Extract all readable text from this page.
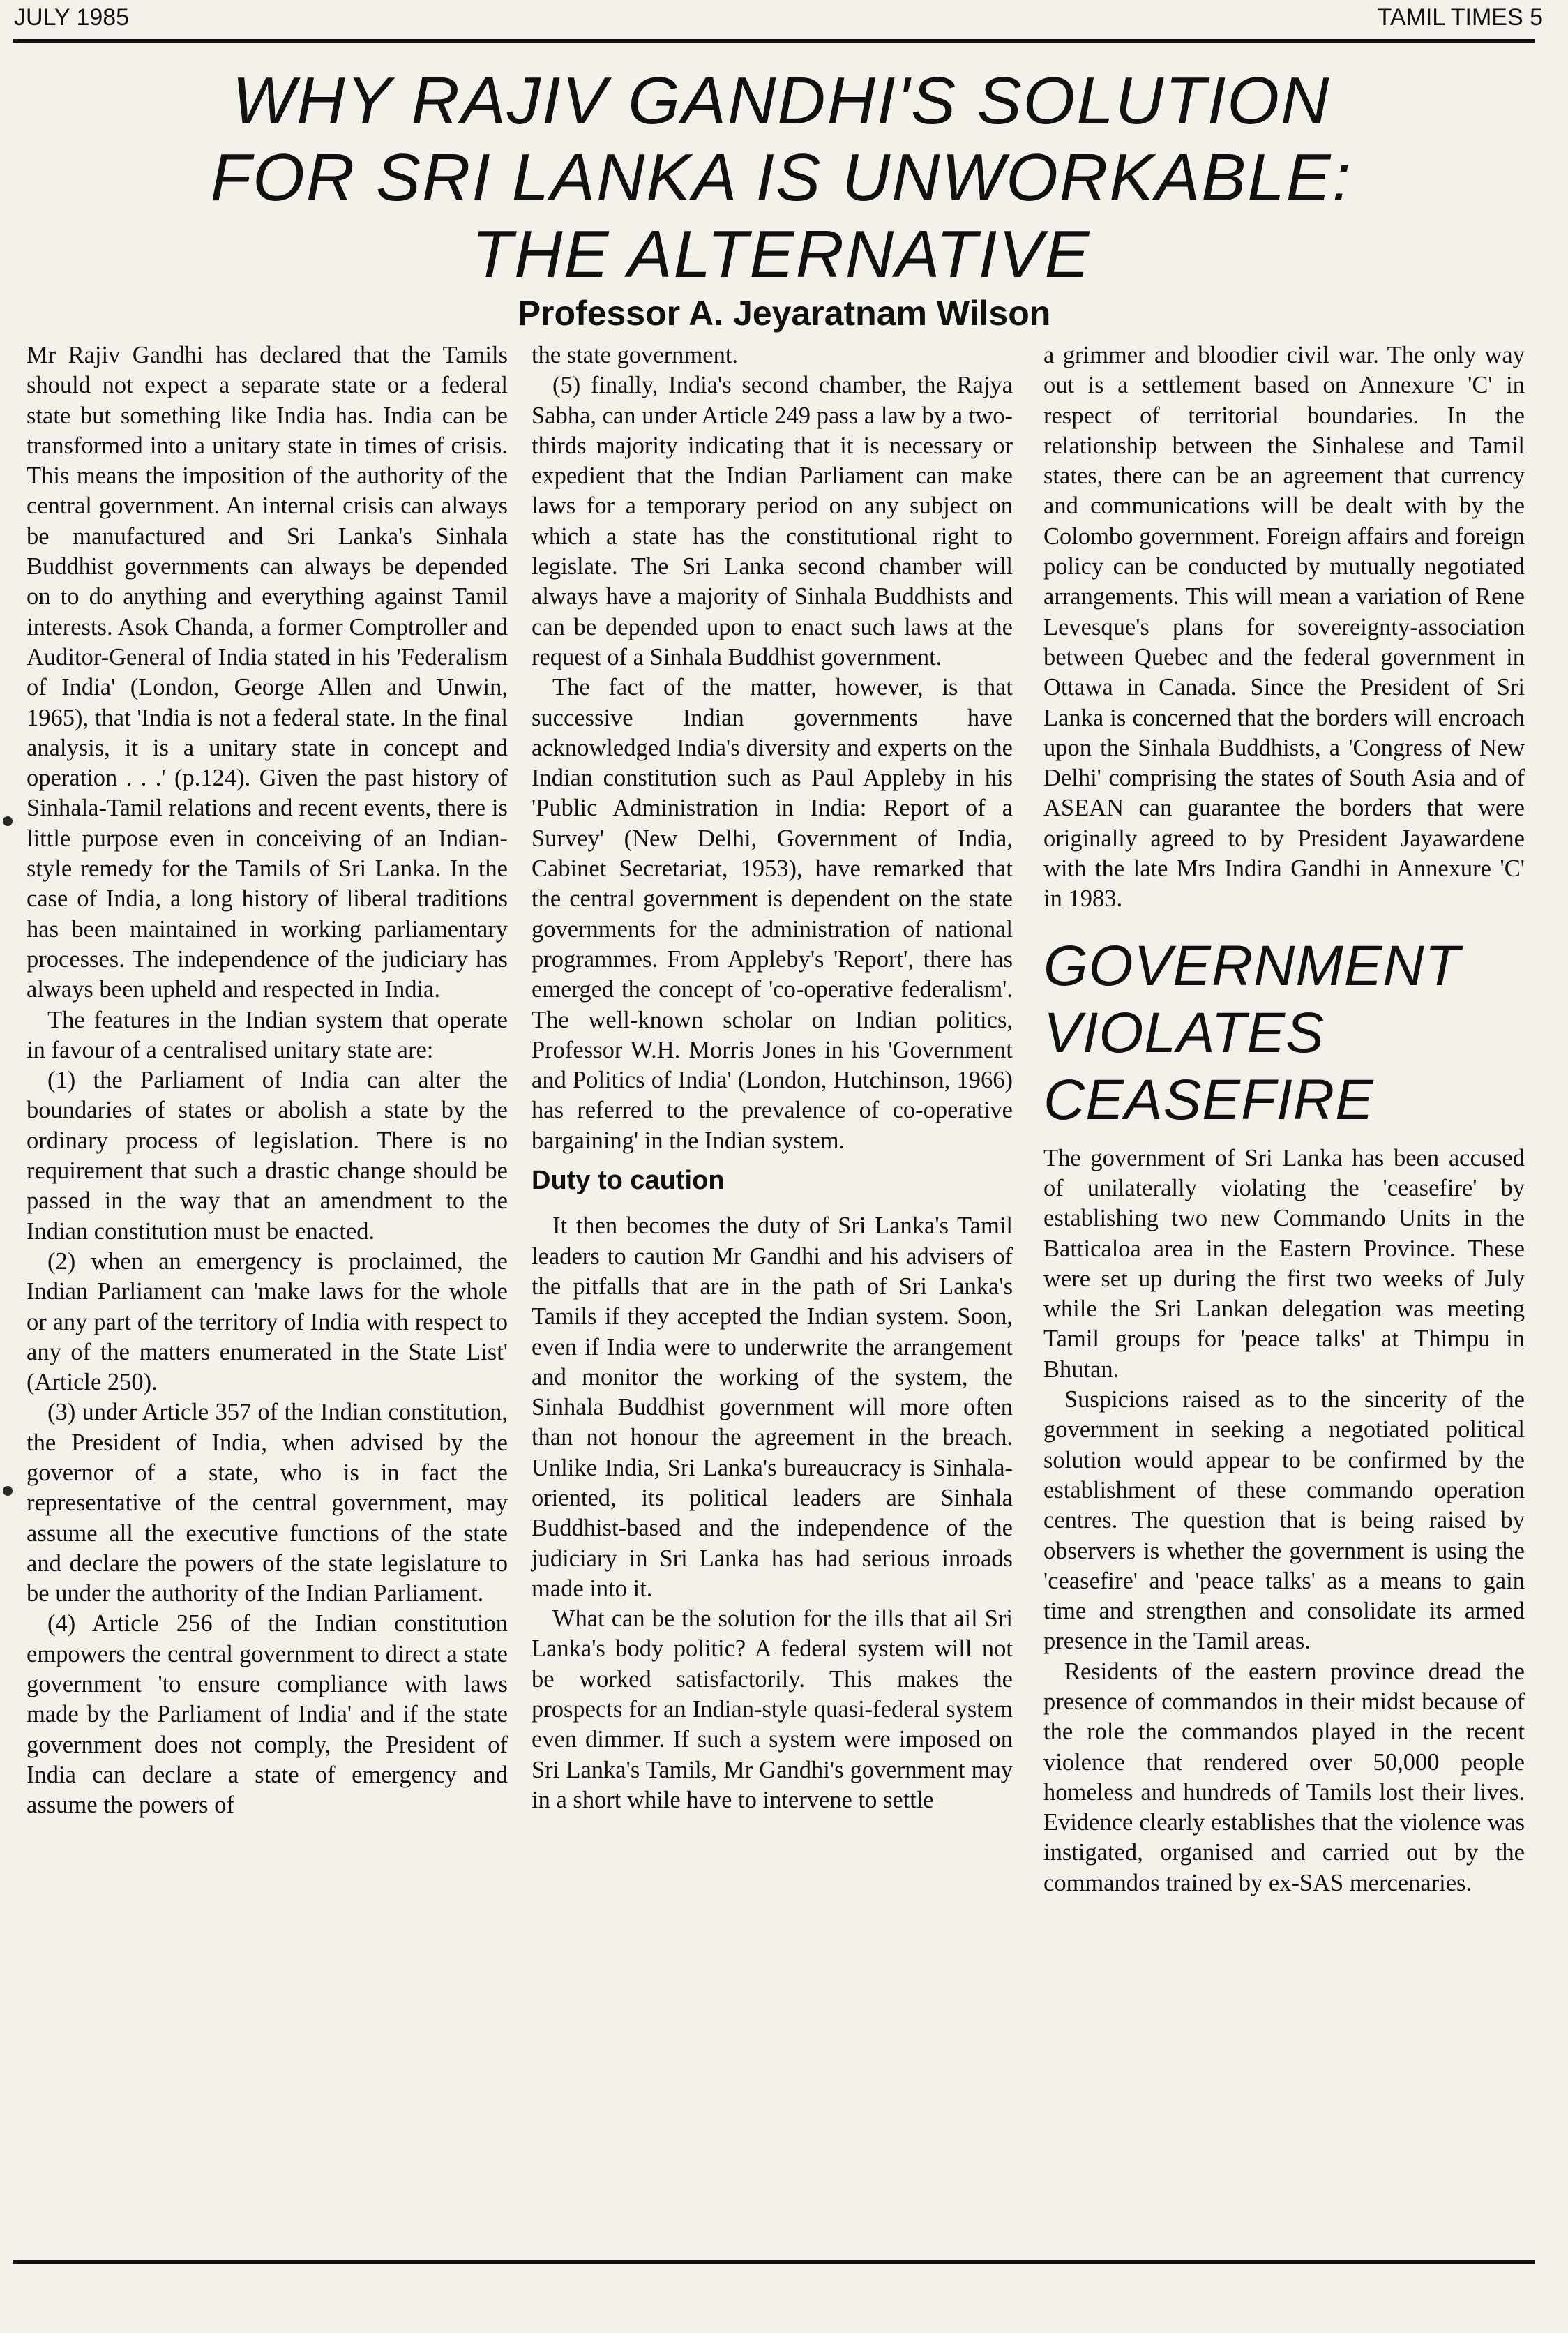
JULY 1985	TAMIL TIMES 5
WHY RAJIV GANDHI'S SOLUTION FOR SRI LANKA IS UNWORKABLE: THE ALTERNATIVE
Professor A. Jeyaratnam Wilson

Mr Rajiv Gandhi has declared that the Tamils should not expect a separate state or a federal state but something like India has. India can be transformed into a unitary state in times of crisis. This means the imposition of the authority of the central government. An internal crisis can always be manufactured and Sri Lanka's Sinhala Buddhist governments can always be depended on to do anything and everything against Tamil interests. Asok Chanda, a former Comptroller and Auditor-General of India stated in his 'Federalism of India' (London, George Allen and Unwin, 1965), that 'India is not a federal state. In the final analysis, it is a unitary state in concept and operation . . .' (p.124). Given the past history of Sinhala-Tamil relations and recent events, there is little purpose even in conceiving of an Indian-style remedy for the Tamils of Sri Lanka. In the case of India, a long history of liberal traditions has been maintained in working parliamentary processes. The independence of the judiciary has always been upheld and respected in India.

The features in the Indian system that operate in favour of a centralised unitary state are:

(1) the Parliament of India can alter the boundaries of states or abolish a state by the ordinary process of legislation. There is no requirement that such a drastic change should be passed in the way that an amendment to the Indian constitution must be enacted.

(2) when an emergency is proclaimed, the Indian Parliament can 'make laws for the whole or any part of the territory of India with respect to any of the matters enumerated in the State List' (Article 250).

(3) under Article 357 of the Indian constitution, the President of India, when advised by the governor of a state, who is in fact the representative of the central government, may assume all the executive functions of the state and declare the powers of the state legislature to be under the authority of the Indian Parliament.

(4) Article 256 of the Indian constitution empowers the central government to direct a state government 'to ensure compliance with laws made by the Parliament of India' and if the state government does not comply, the President of India can declare a state of emergency and assume the powers of

the state government.

(5) finally, India's second chamber, the Rajya Sabha, can under Article 249 pass a law by a two-thirds majority indicating that it is necessary or expedient that the Indian Parliament can make laws for a temporary period on any subject on which a state has the constitutional right to legislate. The Sri Lanka second chamber will always have a majority of Sinhala Buddhists and can be depended upon to enact such laws at the request of a Sinhala Buddhist government.

The fact of the matter, however, is that successive Indian governments have acknowledged India's diversity and experts on the Indian constitution such as Paul Appleby in his 'Public Administration in India: Report of a Survey' (New Delhi, Government of India, Cabinet Secretariat, 1953), have remarked that the central government is dependent on the state governments for the administration of national programmes. From Appleby's 'Report', there has emerged the concept of 'co-operative federalism'. The well-known scholar on Indian politics, Professor W.H. Morris Jones in his 'Government and Politics of India' (London, Hutchinson, 1966) has referred to the prevalence of co-operative bargaining' in the Indian system.

Duty to caution

It then becomes the duty of Sri Lanka's Tamil leaders to caution Mr Gandhi and his advisers of the pitfalls that are in the path of Sri Lanka's Tamils if they accepted the Indian system. Soon, even if India were to underwrite the arrangement and monitor the working of the system, the Sinhala Buddhist government will more often than not honour the agreement in the breach. Unlike India, Sri Lanka's bureaucracy is Sinhala-oriented, its political leaders are Sinhala Buddhist-based and the independence of the judiciary in Sri Lanka has had serious inroads made into it.

What can be the solution for the ills that ail Sri Lanka's body politic? A federal system will not be worked satisfactorily. This makes the prospects for an Indian-style quasi-federal system even dimmer. If such a system were imposed on Sri Lanka's Tamils, Mr Gandhi's government may in a short while have to intervene to settle

a grimmer and bloodier civil war. The only way out is a settlement based on Annexure 'C' in respect of territorial boundaries. In the relationship between the Sinhalese and Tamil states, there can be an agreement that currency and communications will be dealt with by the Colombo government. Foreign affairs and foreign policy can be conducted by mutually negotiated arrangements. This will mean a variation of Rene Levesque's plans for sovereignty-association between Quebec and the federal government in Ottawa in Canada. Since the President of Sri Lanka is concerned that the borders will encroach upon the Sinhala Buddhists, a 'Congress of New Delhi' comprising the states of South Asia and of ASEAN can guarantee the borders that were originally agreed to by President Jayawardene with the late Mrs Indira Gandhi in Annexure 'C' in 1983.

GOVERNMENT VIOLATES CEASEFIRE

The government of Sri Lanka has been accused of unilaterally violating the 'ceasefire' by establishing two new Commando Units in the Batticaloa area in the Eastern Province. These were set up during the first two weeks of July while the Sri Lankan delegation was meeting Tamil groups for 'peace talks' at Thimpu in Bhutan.

Suspicions raised as to the sincerity of the government in seeking a negotiated political solution would appear to be confirmed by the establishment of these commando operation centres. The question that is being raised by observers is whether the government is using the 'ceasefire' and 'peace talks' as a means to gain time and strengthen and consolidate its armed presence in the Tamil areas.

Residents of the eastern province dread the presence of commandos in their midst because of the role the commandos played in the recent violence that rendered over 50,000 people homeless and hundreds of Tamils lost their lives. Evidence clearly establishes that the violence was instigated, organised and carried out by the commandos trained by ex-SAS mercenaries.
